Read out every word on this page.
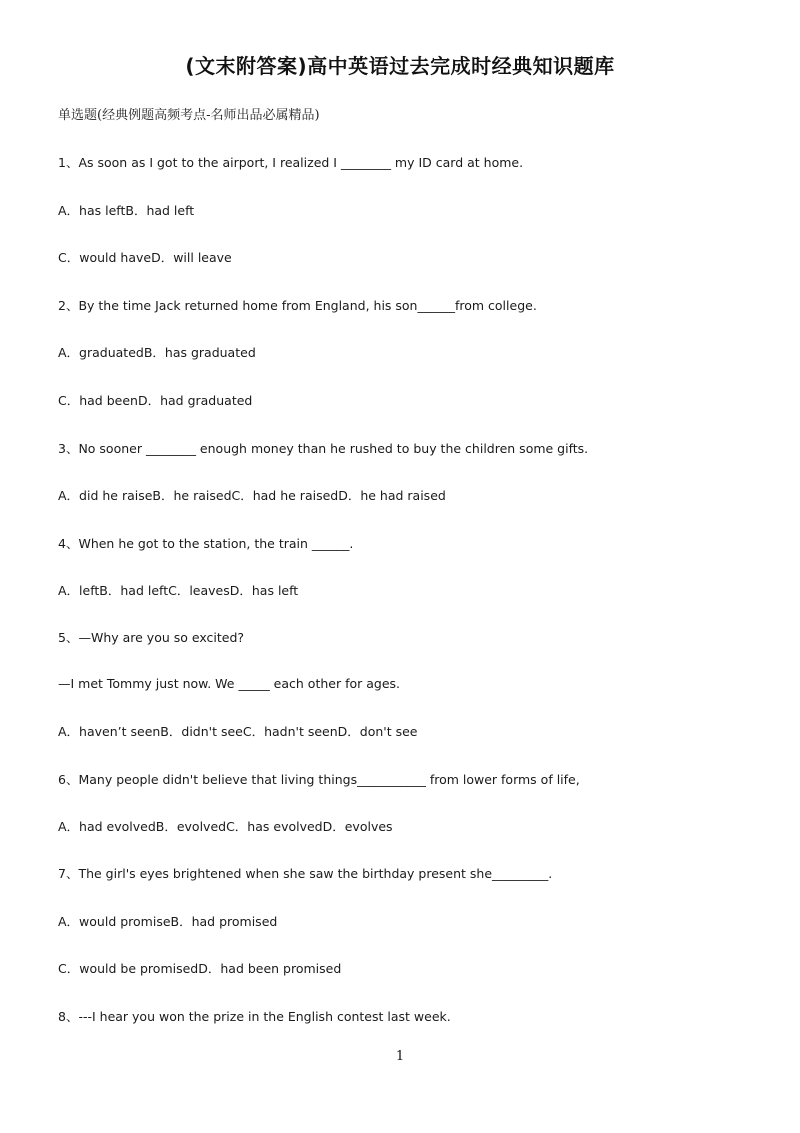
(文末附答案)高中英语过去完成时经典知识题库
单选题(经典例题高频考点-名师出品必属精品)
1、As soon as I got to the airport, I realized I ________ my ID card at home.
A．has leftB．had left
C．would haveD．will leave
2、By the time Jack returned home from England, his son______from college.
A．graduatedB．has graduated
C．had beenD．had graduated
3、No sooner ________ enough money than he rushed to buy the children some gifts.
A．did he raiseB．he raisedC．had he raisedD．he had raised
4、When he got to the station, the train ______.
A．leftB．had leftC．leavesD．has left
5、—Why are you so excited?
—I met Tommy just now. We _____ each other for ages.
A．haven’t seenB．didn't seeC．hadn't seenD．don't see
6、Many people didn't believe that living things___________ from lower forms of life,
A．had evolvedB．evolvedC．has evolvedD．evolves
7、The girl's eyes brightened when she saw the birthday present she_________.
A．would promiseB．had promised
C．would be promisedD．had been promised
8、---I hear you won the prize in the English contest last week.
1
